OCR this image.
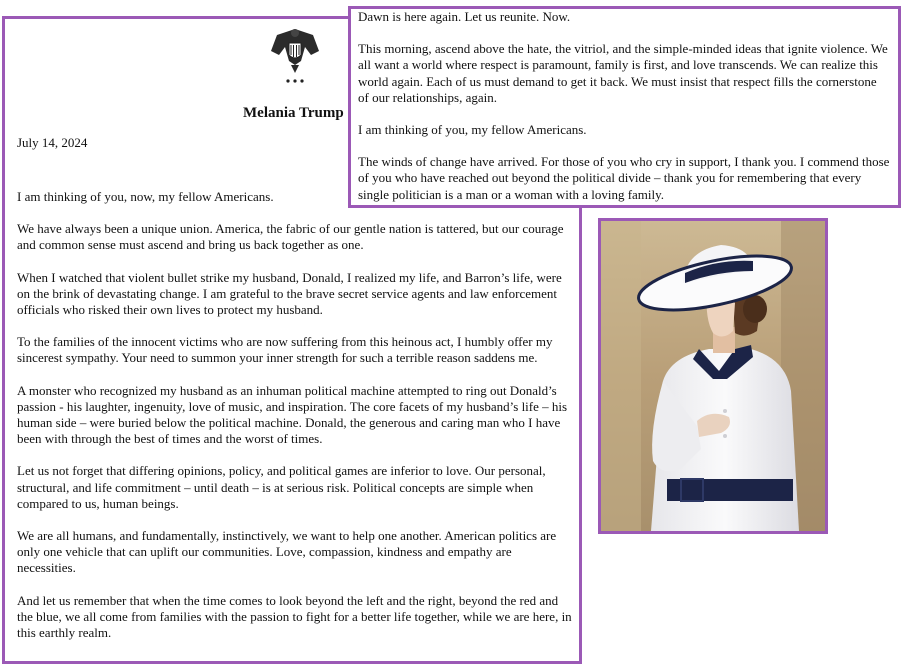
Melania Trump
July 14, 2024

I am thinking of you, now, my fellow Americans.

We have always been a unique union. America, the fabric of our gentle nation is tattered, but our courage and common sense must ascend and bring us back together as one.

When I watched that violent bullet strike my husband, Donald, I realized my life, and Barron’s life, were on the brink of devastating change. I am grateful to the brave secret service agents and law enforcement officials who risked their own lives to protect my husband.

To the families of the innocent victims who are now suffering from this heinous act, I humbly offer my sincerest sympathy. Your need to summon your inner strength for such a terrible reason saddens me.

A monster who recognized my husband as an inhuman political machine attempted to ring out Donald’s passion - his laughter, ingenuity, love of music, and inspiration. The core facets of my husband’s life – his human side – were buried below the political machine. Donald, the generous and caring man who I have been with through the best of times and the worst of times.

Let us not forget that differing opinions, policy, and political games are inferior to love. Our personal, structural, and life commitment – until death – is at serious risk. Political concepts are simple when compared to us, human beings.

We are all humans, and fundamentally, instinctively, we want to help one another. American politics are only one vehicle that can uplift our communities. Love, compassion, kindness and empathy are necessities.

And let us remember that when the time comes to look beyond the left and the right, beyond the red and the blue, we all come from families with the passion to fight for a better life together, while we are here, in this earthly realm.

Dawn is here again. Let us reunite. Now.

This morning, ascend above the hate, the vitriol, and the simple-minded ideas that ignite violence. We all want a world where respect is paramount, family is first, and love transcends. We can realize this world again. Each of us must demand to get it back. We must insist that respect fills the cornerstone of our relationships, again.

I am thinking of you, my fellow Americans.

The winds of change have arrived. For those of you who cry in support, I thank you. I commend those of you who have reached out beyond the political divide – thank you for remembering that every single politician is a man or a woman with a loving family.
